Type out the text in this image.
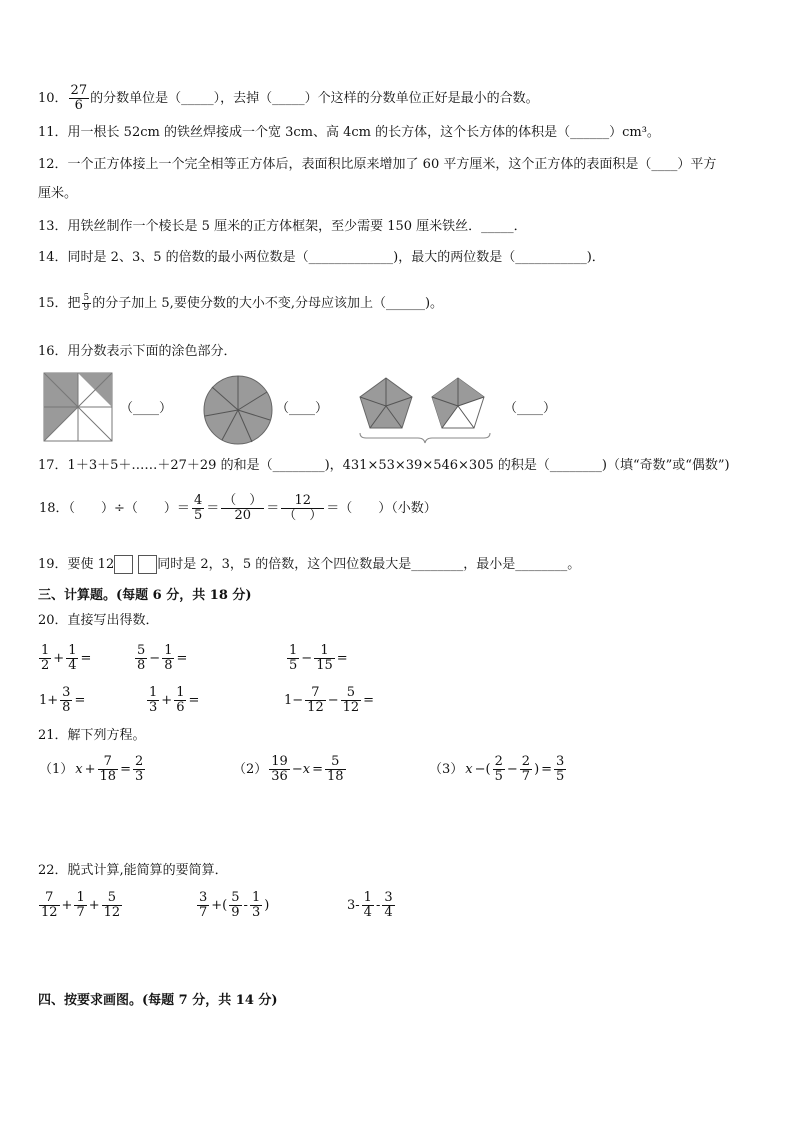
10． $\frac{27}{6}$ 的分数单位是（_____），去掉（_____）个这样的分数单位正好是最小的合数。
11．用一根长 52cm 的铁丝焊接成一个宽 3cm、高 4cm 的长方体，这个长方体的体积是（______）cm³。
12．一个正方体接上一个完全相等正方体后，表面积比原来增加了 60 平方厘米，这个正方体的表面积是（____）平方
厘米。
13．用铁丝制作一个棱长是 5 厘米的正方体框架，至少需要 150 厘米铁丝．_____．
14．同时是 2、3、5 的倍数的最小两位数是（_____________)，最大的两位数是（___________)．
15．把 $\frac{5}{9}$ 的分子加上 5,要使分数的大小不变,分母应该加上（______)。
16．用分数表示下面的涂色部分．
（____）	（____）	（____）
17．1＋3＋5＋……＋27＋29 的和是（________)，431×53×39×546×305 的积是（________)（填“奇数”或“偶数”)
18．（　　）÷（　　）＝ $\frac{4}{5} = \frac{( )}{20} = \frac{12}{( )}$ ＝（　　）（小数）
19．要使 12	同时是 2，3，5 的倍数，这个四位数最大是________，最小是________。
三、计算题。(每题 6 分，共 18 分)
20．直接写出得数．
$\frac{1}{2} + \frac{1}{4}$ =	$\frac{5}{8} - \frac{1}{8}$ =	$\frac{1}{5} - \frac{1}{15}$ =
$1+ \frac{3}{8}$ =	$\frac{1}{3} + \frac{1}{6}$ =	$1- \frac{7}{12} - \frac{5}{12}$ =
21．解下列方程。
（1） $x + \frac{7}{18} = \frac{2}{3}$	$(2) \frac{19}{36} -x = \frac{5}{18}$	（3） x −( $\frac{2}{5} - \frac{2}{7}$ ) = $\frac{3}{5}$
22．脱式计算,能简算的要简算．
$\frac{7}{12} + \frac{1}{7} + \frac{5}{12}$	$\frac{3}{7}$ +( $\frac{5}{9} - \frac{1}{3}$ )	$3- \frac{1}{4} - \frac{3}{4}$
四、按要求画图。(每题 7 分，共 14 分)
